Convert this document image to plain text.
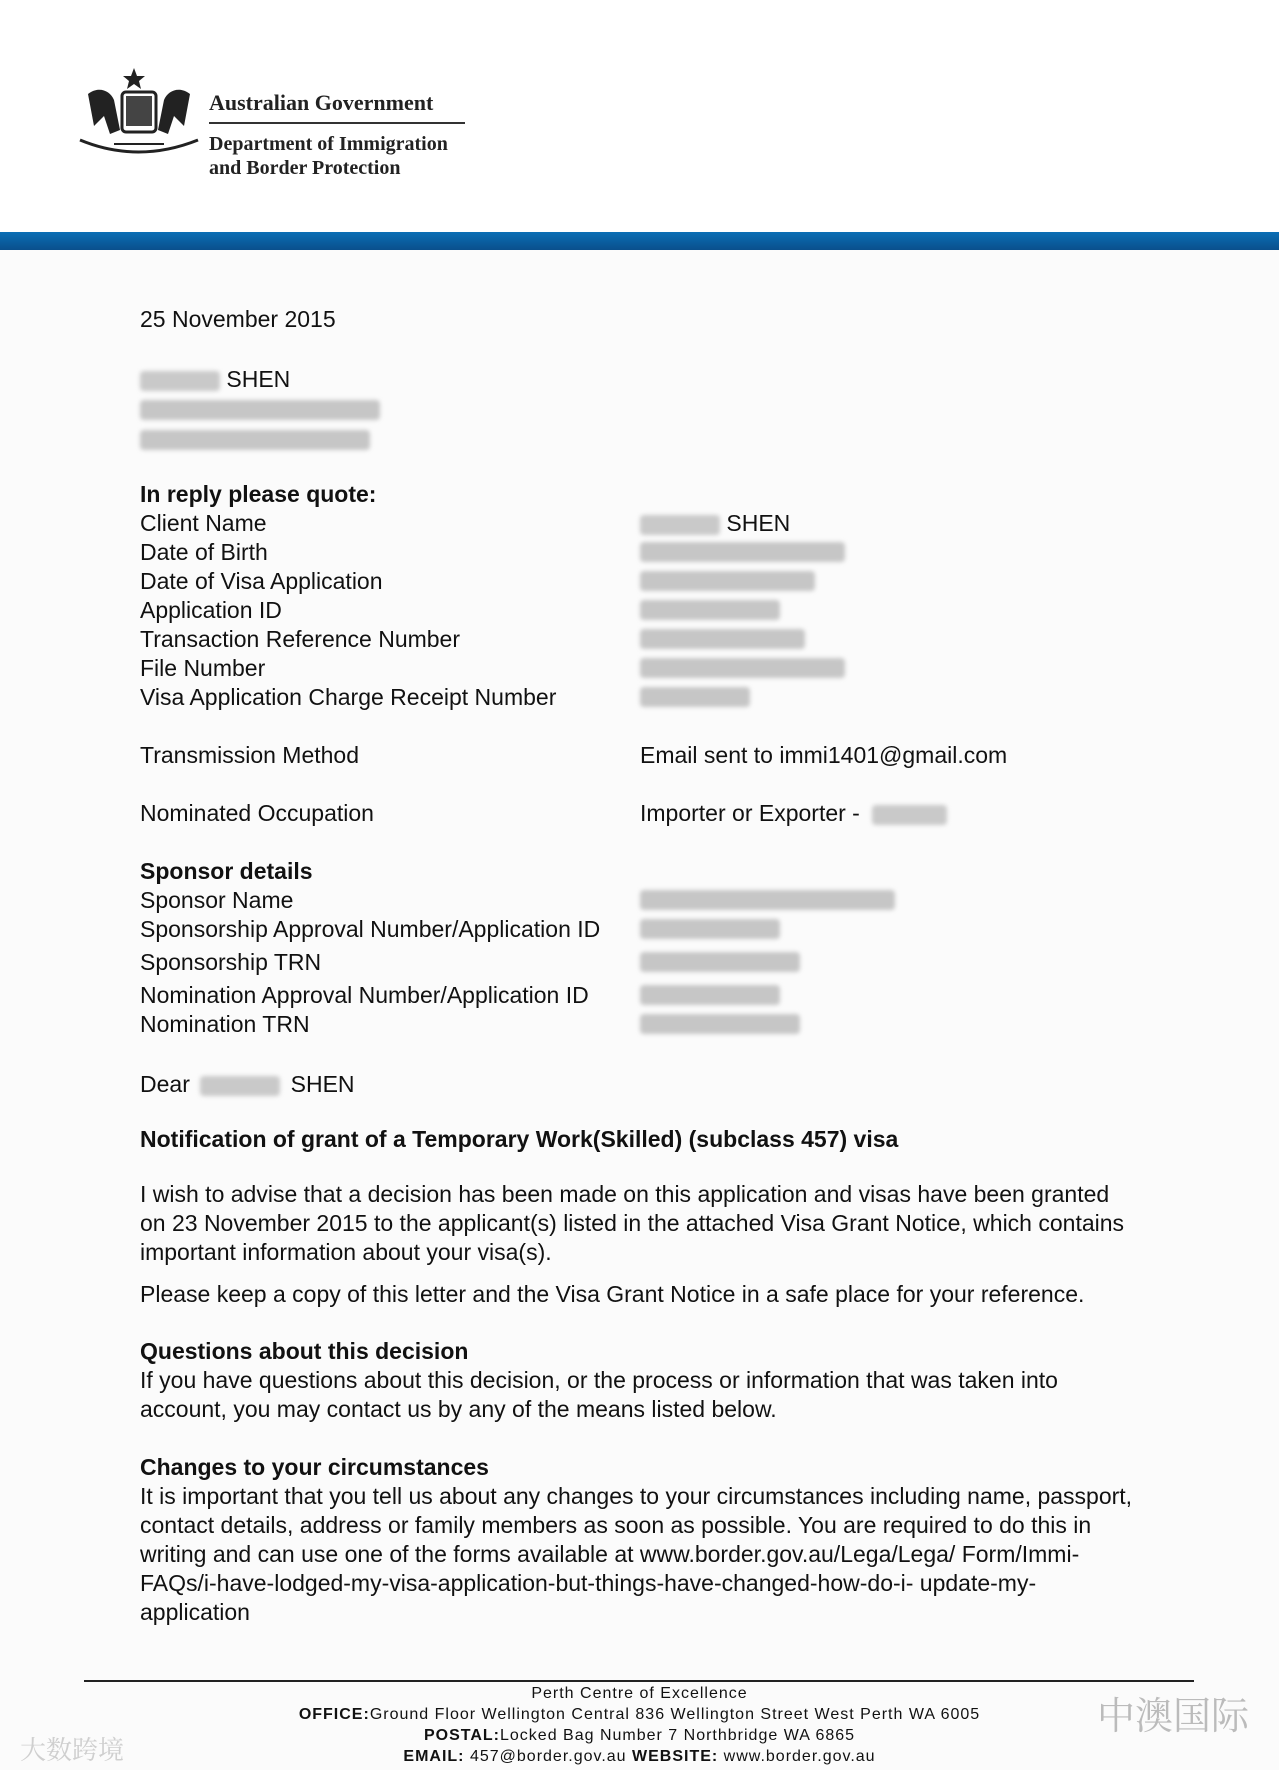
Australian Government
Department of Immigration
and Border Protection
25 November 2015
SHEN
In reply please quote:
Client Name	SHEN
Date of Birth
Date of Visa Application
Application ID
Transaction Reference Number
File Number
Visa Application Charge Receipt Number
Transmission Method	Email sent to immi1401@gmail.com
Nominated Occupation	Importer or Exporter -
Sponsor details
Sponsor Name
Sponsorship Approval Number/Application ID
Sponsorship TRN
Nomination Approval Number/Application ID
Nomination TRN
Dear	SHEN
Notification of grant of a Temporary Work(Skilled) (subclass 457) visa
I wish to advise that a decision has been made on this application and visas have been granted on 23 November 2015 to the applicant(s) listed in the attached Visa Grant Notice, which contains important information about your visa(s).
Please keep a copy of this letter and the Visa Grant Notice in a safe place for your reference.
Questions about this decision
If you have questions about this decision, or the process or information that was taken into account, you may contact us by any of the means listed below.
Changes to your circumstances
It is important that you tell us about any changes to your circumstances including name, passport, contact details, address or family members as soon as possible. You are required to do this in writing and can use one of the forms available at www.border.gov.au/Lega/Lega/ Form/Immi-FAQs/i-have-lodged-my-visa-application-but-things-have-changed-how-do-i- update-my-application
Perth Centre of Excellence
OFFICE:Ground Floor Wellington Central 836 Wellington Street West Perth WA 6005
POSTAL:Locked Bag Number 7 Northbridge WA 6865
EMAIL: 457@border.gov.au WEBSITE: www.border.gov.au
中澳国际
大数跨境
